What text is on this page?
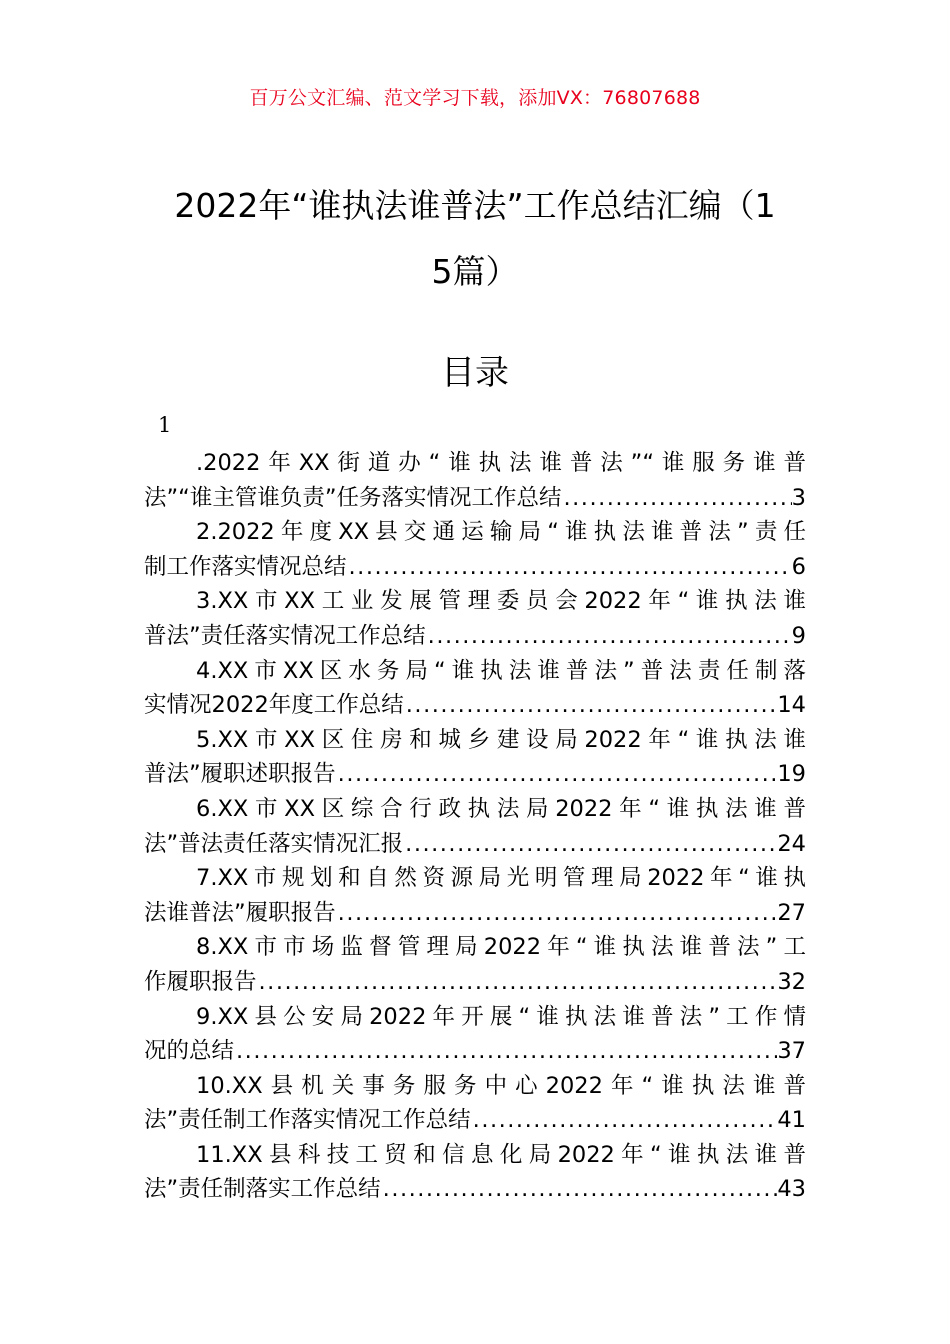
百万公文汇编、范文学习下载，添加VX：76807688
2022年“谁执法谁普法”工作总结汇编（1
5篇）
目录
1
.2022年XX街道办“谁执法谁普法”“谁服务谁普
法”“谁主管谁负责”任务落实情况工作总结 .....	3
2.2022年度XX县交通运输局“谁执法谁普法”责任
制工作落实情况总结 .....	6
3.XX市XX工业发展管理委员会2022年“谁执法谁
普法”责任落实情况工作总结 .....	9
4.XX市XX区水务局“谁执法谁普法”普法责任制落
实情况2022年度工作总结 .....	14
5.XX市XX区住房和城乡建设局2022年“谁执法谁
普法”履职述职报告 .....	19
6.XX市XX区综合行政执法局2022年“谁执法谁普
法”普法责任落实情况汇报 .....	24
7.XX市规划和自然资源局光明管理局2022年“谁执
法谁普法”履职报告 .....	27
8.XX市市场监督管理局2022年“谁执法谁普法”工
作履职报告 .....	32
9.XX县公安局2022年开展“谁执法谁普法”工作情
况的总结 .....	37
10.XX县机关事务服务中心2022年“谁执法谁普
法”责任制工作落实情况工作总结 .....	41
11.XX县科技工贸和信息化局2022年“谁执法谁普
法”责任制落实工作总结 .....	43
